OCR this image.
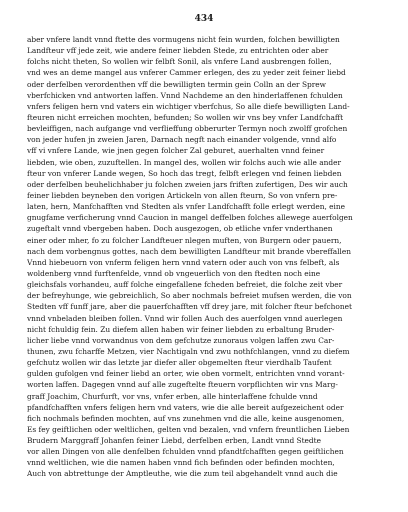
434
aber vnfere landt vnnd ftette des vormugens nicht fein wurden, folchen bewilligten
Landfteur vff jede zeit, wie andere feiner liebden Stede, zu entrichten oder aber
folchs nicht theten, So wollen wir felbft Sonil, als vnfere Land ausbrengen follen,
vnd wes an deme mangel aus vnferer Cammer erlegen, des zu yeder zeit feiner liebd
oder derfelben verordenthen vff die bewilligten termin gein Colln an der Sprew
vberfchicken vnd antworten laffen. Vnnd Nachdeme an den hinderlaffenen fchulden
vnfers feligen hern vnd vaters ein wichtiger vberfchus, So alle diefe bewilligten Land-
fteuren nicht erreichen mochten, befunden; So wollen wir vns bey vnfer Landfchafft
bevleiffigen, nach aufgange vnd verflieffung obberurter Termyn noch zwolff grofchen
von jeder hufen jn zweien Jaren, Darnach negft nach einander volgende, vnnd alfo
vff vi vnfere Lande, wie jnen gegen folcher Zal geburet, auerhalten vnnd feiner
liebden, wie oben, zuzuftellen. In mangel des, wollen wir folchs auch wie alle ander
fteur von vnferer Lande wegen, So hoch das tregt, felbft erlegen vnd feinen liebden
oder derfelben beuhelichhaber ju folchen zweien jars friften zufertigen, Des wir auch
feiner liebden beyneben den vorigen Artickeln von allen fteurn, So von vnfern pre-
laten, hern, Manfchafften vnd Stedten als vnfer Landfchafft folle erlegt werden, eine
gnugfame verficherung vnnd Caucion in mangel deffelben folches allewege auerfolgen
zugeftalt vnnd vbergeben haben. Doch ausgezogen, ob etliche vnfer vnderthanen
einer oder mher, fo zu folcher Landfteuer nlegen muften, von Burgern oder pauern,
nach dem vorbengnus gottes, nach dem bewilligten Landfteur mit brande vbereffallen
Vnnd hiebeuorn von vnferm feligen hern vnnd vatern oder auch von vns felbeft, als
woldenberg vnnd furftenfelde, vnnd ob vngeuerlich von den ftedten noch eine
gleichsfals vorhandeu, auff folche eingefallene fcheden befreiet, die folche zeit vber
der befreyhunge, wie gebreichlich, So aber nochmals befreiet mufsen werden, die von
Stedten vff funff jare, aber die pauerfchafften vff drey jare, mit folcher fteur befchonet
vnnd vnbeladen bleiben follen. Vnnd wir follen Auch des auerfolgen vnnd auerlegen
nicht fchuldig fein. Zu diefem allen haben wir feiner liebden zu erbaltung Bruder-
licher liebe vnnd vorwandnus von dem gefchutze zunoraus volgen laffen zwu Car-
thunen, zwu fcharffe Metzen, vier Nachtigaln vnd zwu nothfchlangen, vnnd zu diefem
gefchutz wollen wir das letzte jar diefer aller obgemelten fteur vierdhalb Taufent
gulden gufolgen vnd feiner liebd an orter, wie oben vormelt, entrichten vnnd vorant-
worten laffen. Dagegen vnnd auf alle zugeftelte fteuern vorpflichten wir vns Marg-
graff Joachim, Churfurft, vor vns, vnfer erben, alle hinterlaffene fchulde vnnd
pfandfchafften vnfers feligen hern vnd vaters, wie die alle bereit aufgezeichent oder
fich nochmals befinden mochten, auf vns zunehmen vnd die alle, keine ausgenomen,
Es fey geiftlichen oder weltlichen, gelten vnd bezalen, vnd vnfern freuntlichen Lieben
Brudern Marggraff Johanfen feiner Liebd, derfelben erben, Landt vnnd Stedte
vor allen Dingen von alle denfelben fchulden vnnd pfandtfchafften gegen geiftlichen
vnnd weltlichen, wie die namen haben vnnd fich befinden oder befinden mochten,
Auch von abtrettunge der Amptleuthe, wie die zum teil abgehandelt vnnd auch die
